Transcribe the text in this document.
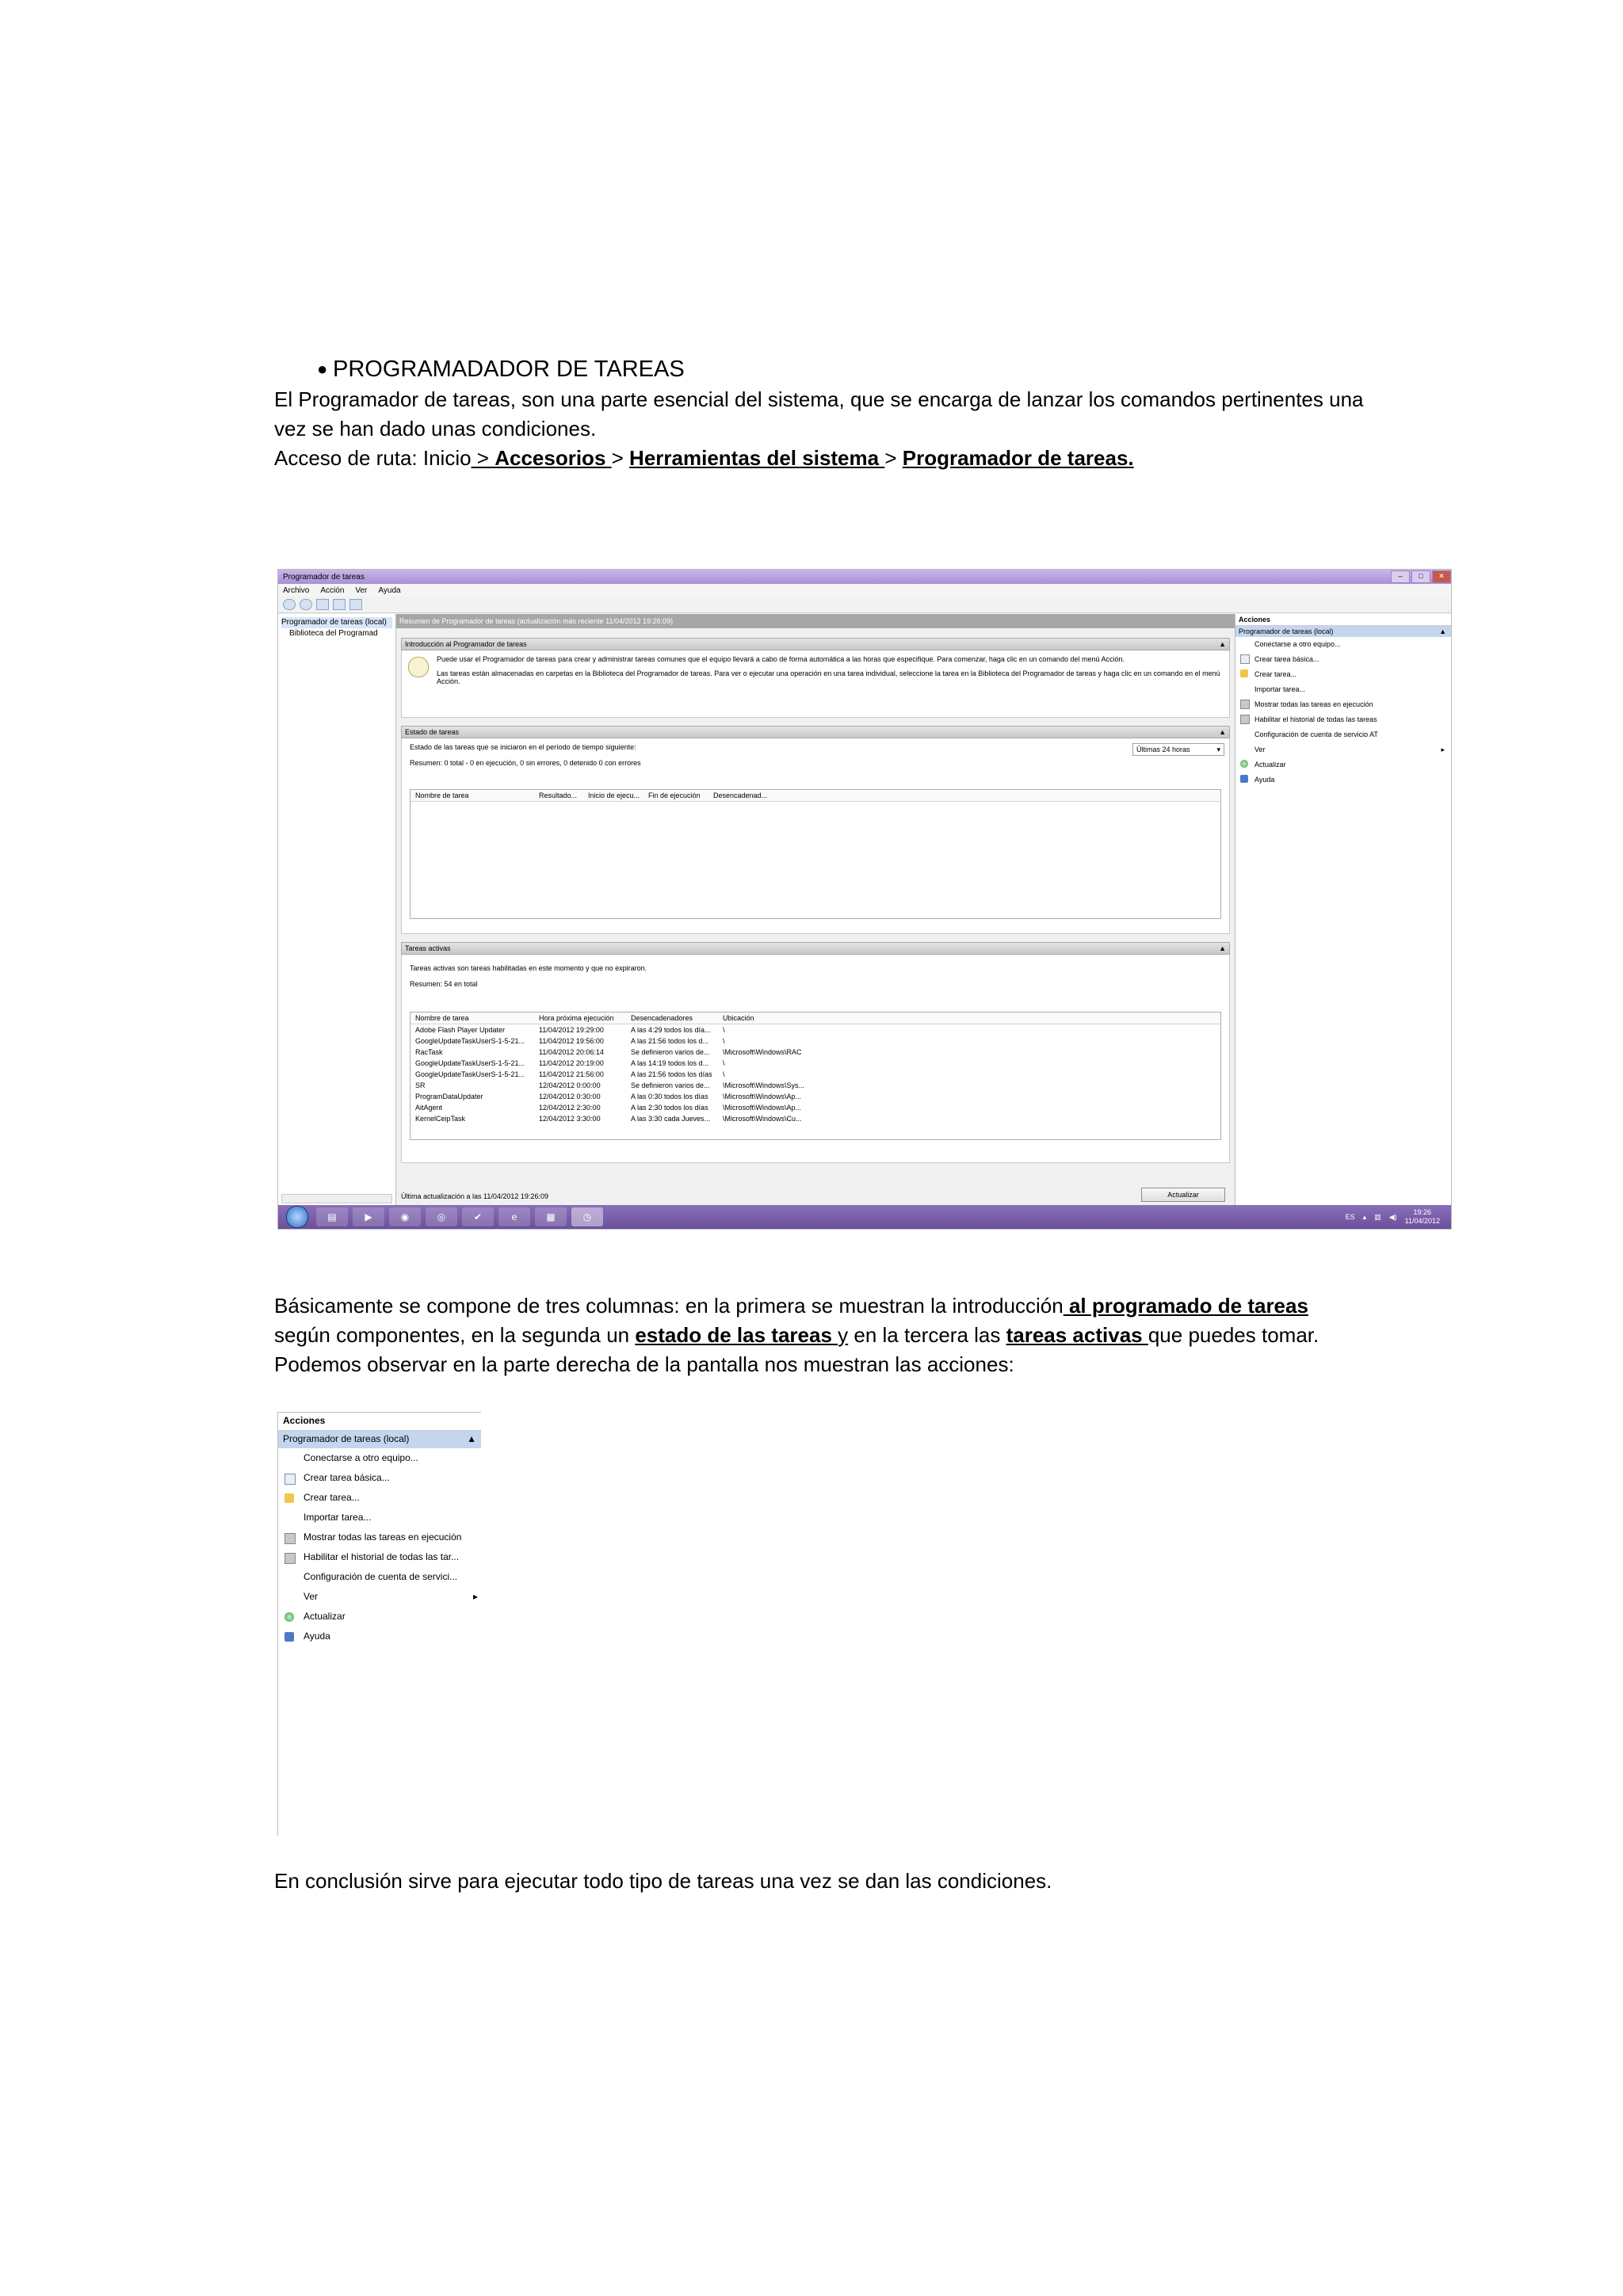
● PROGRAMADADOR DE TAREAS
El Programador de tareas, son una parte esencial del sistema, que se encarga de lanzar los comandos pertinentes una vez se han dado unas condiciones.
Acceso de ruta: Inicio > Accesorios > Herramientas del sistema > Programador de tareas.
Programador de tareas	–	□	✕
Archivo Acción Ver Ayuda
Programador de tareas (local)
Biblioteca del Programad
Resumen de Programador de tareas (actualización más reciente 11/04/2012 19:26:09)
Introducción al Programador de tareas	▲
Puede usar el Programador de tareas para crear y administrar tareas comunes que el equipo llevará a cabo de forma automática a las horas que especifique. Para comenzar, haga clic en un comando del menú Acción.
Las tareas están almacenadas en carpetas en la Biblioteca del Programador de tareas. Para ver o ejecutar una operación en una tarea individual, seleccione la tarea en la Biblioteca del Programador de tareas y haga clic en un comando en el menú Acción.
Estado de tareas	▲
Estado de las tareas que se iniciaron en el período de tiempo siguiente:	Últimas 24 horas	▾
Resumen: 0 total - 0 en ejecución, 0 sin errores, 0 detenido 0 con errores
Nombre de tarea	Resultado...	Inicio de ejecu...	Fin de ejecución	Desencadenad...
Tareas activas	▲
Tareas activas son tareas habilitadas en este momento y que no expiraron.
Resumen: 54 en total
Nombre de tarea	Hora próxima ejecución	Desencadenadores	Ubicación
Adobe Flash Player Updater	11/04/2012 19:29:00	A las 4:29 todos los día...	\
GoogleUpdateTaskUserS-1-5-21...	11/04/2012 19:56:00	A las 21:56 todos los d...	\
RacTask	11/04/2012 20:06:14	Se definieron varios de...	\Microsoft\Windows\RAC
GoogleUpdateTaskUserS-1-5-21...	11/04/2012 20:19:00	A las 14:19 todos los d...	\
GoogleUpdateTaskUserS-1-5-21...	11/04/2012 21:56:00	A las 21:56 todos los días	\
SR	12/04/2012 0:00:00	Se definieron varios de...	\Microsoft\Windows\Sys...
ProgramDataUpdater	12/04/2012 0:30:00	A las 0:30 todos los días	\Microsoft\Windows\Ap...
AitAgent	12/04/2012 2:30:00	A las 2:30 todos los días	\Microsoft\Windows\Ap...
KernelCeipTask	12/04/2012 3:30:00	A las 3:30 cada Jueves...	\Microsoft\Windows\Cu...
Última actualización a las 11/04/2012 19:26:09	Actualizar
Acciones
Programador de tareas (local)	▲
Conectarse a otro equipo...
Crear tarea básica...
Crear tarea...
Importar tarea...
Mostrar todas las tareas en ejecución
Habilitar el historial de todas las tareas
Configuración de cuenta de servicio AT
Ver	▸
Actualizar
Ayuda
▤	▶	◉	◎	✔	e	▦	◷	ES ▴ ▥ ◀)
19:26
11/04/2012
Básicamente se compone de tres columnas: en la primera se muestran la introducción al programado de tareas
según componentes, en la segunda un estado de las tareas y en la tercera las tareas activas que puedes tomar.
Podemos observar en la parte derecha de la pantalla nos muestran las acciones:
Acciones
Programador de tareas (local)	▲
Conectarse a otro equipo...
Crear tarea básica...
Crear tarea...
Importar tarea...
Mostrar todas las tareas en ejecución
Habilitar el historial de todas las tar...
Configuración de cuenta de servici...
Ver	▸
Actualizar
Ayuda
En conclusión sirve para ejecutar todo tipo de tareas una vez se dan las condiciones.
